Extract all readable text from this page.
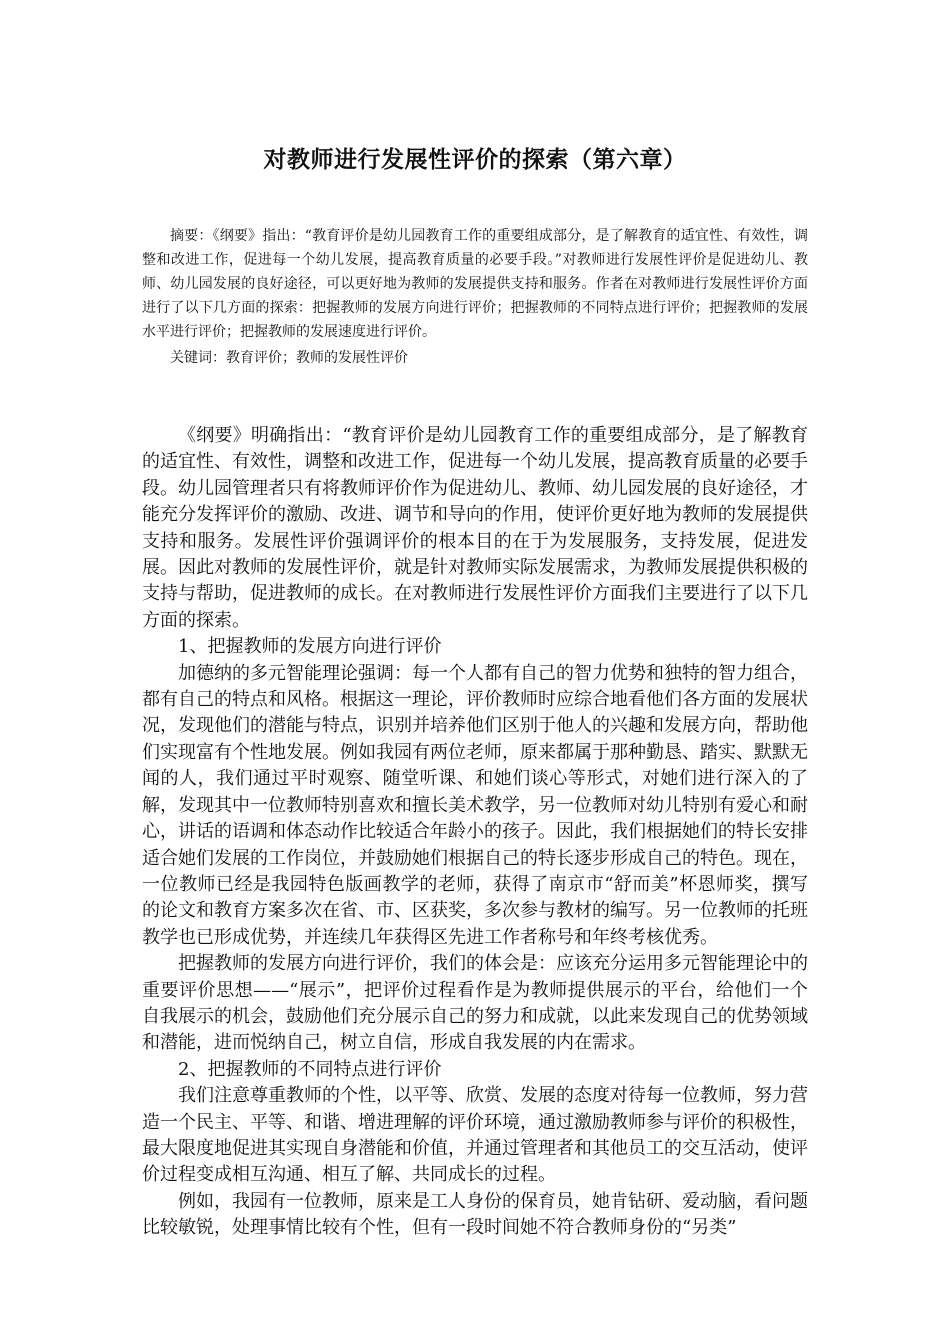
对教师进行发展性评价的探索（第六章）

摘要：《纲要》指出：“教育评价是幼儿园教育工作的重要组成部分，是了解教育的适宜性、有效性，调整和改进工作，促进每一个幼儿发展，提高教育质量的必要手段。”对教师进行发展性评价是促进幼儿、教师、幼儿园发展的良好途径，可以更好地为教师的发展提供支持和服务。作者在对教师进行发展性评价方面进行了以下几方面的探索：把握教师的发展方向进行评价；把握教师的不同特点进行评价；把握教师的发展水平进行评价；把握教师的发展速度进行评价。

关键词：教育评价；教师的发展性评价

《纲要》明确指出：“教育评价是幼儿园教育工作的重要组成部分，是了解教育的适宜性、有效性，调整和改进工作，促进每一个幼儿发展，提高教育质量的必要手段。幼儿园管理者只有将教师评价作为促进幼儿、教师、幼儿园发展的良好途径，才能充分发挥评价的激励、改进、调节和导向的作用，使评价更好地为教师的发展提供支持和服务。发展性评价强调评价的根本目的在于为发展服务，支持发展，促进发展。因此对教师的发展性评价，就是针对教师实际发展需求，为教师发展提供积极的支持与帮助，促进教师的成长。在对教师进行发展性评价方面我们主要进行了以下几方面的探索。

1、把握教师的发展方向进行评价

加德纳的多元智能理论强调：每一个人都有自己的智力优势和独特的智力组合，都有自己的特点和风格。根据这一理论，评价教师时应综合地看他们各方面的发展状况，发现他们的潜能与特点，识别并培养他们区别于他人的兴趣和发展方向，帮助他们实现富有个性地发展。例如我园有两位老师，原来都属于那种勤恳、踏实、默默无闻的人，我们通过平时观察、随堂听课、和她们谈心等形式，对她们进行深入的了解，发现其中一位教师特别喜欢和擅长美术教学，另一位教师对幼儿特别有爱心和耐心，讲话的语调和体态动作比较适合年龄小的孩子。因此，我们根据她们的特长安排适合她们发展的工作岗位，并鼓励她们根据自己的特长逐步形成自己的特色。现在，一位教师已经是我园特色版画教学的老师，获得了南京市“舒而美”杯恩师奖，撰写的论文和教育方案多次在省、市、区获奖，多次参与教材的编写。另一位教师的托班教学也已形成优势，并连续几年获得区先进工作者称号和年终考核优秀。

把握教师的发展方向进行评价，我们的体会是：应该充分运用多元智能理论中的重要评价思想——“展示”，把评价过程看作是为教师提供展示的平台，给他们一个自我展示的机会，鼓励他们充分展示自己的努力和成就，以此来发现自己的优势领域和潜能，进而悦纳自己，树立自信，形成自我发展的内在需求。

2、把握教师的不同特点进行评价

我们注意尊重教师的个性，以平等、欣赏、发展的态度对待每一位教师，努力营造一个民主、平等、和谐、增进理解的评价环境，通过激励教师参与评价的积极性，最大限度地促进其实现自身潜能和价值，并通过管理者和其他员工的交互活动，使评价过程变成相互沟通、相互了解、共同成长的过程。

例如，我园有一位教师，原来是工人身份的保育员，她肯钻研、爱动脑，看问题比较敏锐，处理事情比较有个性，但有一段时间她不符合教师身份的“另类”
